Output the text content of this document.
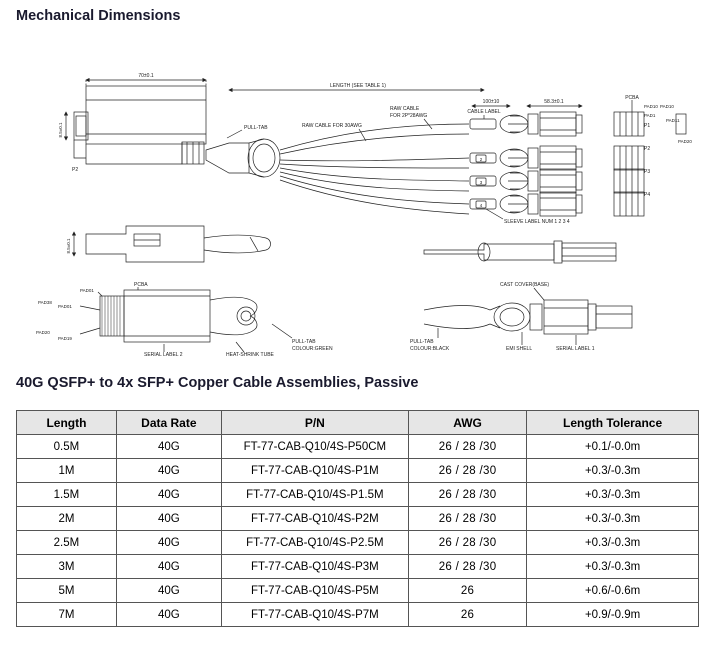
Mechanical Dimensions
70±0.1
LENGTH (SEE TABLE 1)
8.5±0.1
P2
PULL-TAB	RAW CABLE FOR 30AWG
RAW CABLE
FOR 2P*28AWG
CABLE LABEL
2
3
4
SLEEVE LABEL NUM 1 2 3 4
58.3±0.1
100±10
PCBA
PAD10
PAD1
PAD11
PAD10
PAD20
P1
P2
P3
P4
8.5±0.1
PCBA
PAD01
PAD38
PAD01
PAD20
PAD19
SERIAL LABEL 2	HEAT-SHRINK TUBE
PULL-TAB
COLOUR:GREEN
CAST COVER(BASE)
PULL-TAB
COLOUR:BLACK	EMI SHELL	SERIAL LABEL 1
40G QSFP+ to 4x SFP+ Copper Cable Assemblies, Passive
Length	Data Rate	P/N	AWG	Length Tolerance
0.5M	40G	FT-77-CAB-Q10/4S-P50CM	26 / 28 /30	+0.1/-0.0m
1M	40G	FT-77-CAB-Q10/4S-P1M	26 / 28 /30	+0.3/-0.3m
1.5M	40G	FT-77-CAB-Q10/4S-P1.5M	26 / 28 /30	+0.3/-0.3m
2M	40G	FT-77-CAB-Q10/4S-P2M	26 / 28 /30	+0.3/-0.3m
2.5M	40G	FT-77-CAB-Q10/4S-P2.5M	26 / 28 /30	+0.3/-0.3m
3M	40G	FT-77-CAB-Q10/4S-P3M	26 / 28 /30	+0.3/-0.3m
5M	40G	FT-77-CAB-Q10/4S-P5M	26	+0.6/-0.6m
7M	40G	FT-77-CAB-Q10/4S-P7M	26	+0.9/-0.9m
